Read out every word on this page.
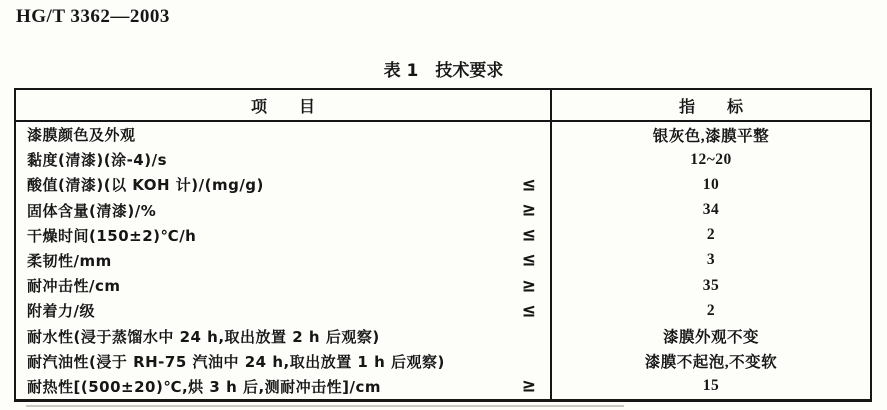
HG/T 3362—2003
表 1　技术要求
项　　目	指　　标
漆膜颜色及外观	银灰色,漆膜平整
黏度(清漆)(涂-4)/s	12~20
酸值(清漆)(以 KOH 计)/(mg/g)	≤	10
固体含量(清漆)/%	≥	34
干燥时间(150±2)℃/h	≤	2
柔韧性/mm	≤	3
耐冲击性/cm	≥	35
附着力/级	≤	2
耐水性(浸于蒸馏水中 24 h,取出放置 2 h 后观察)	漆膜外观不变
耐汽油性(浸于 RH-75 汽油中 24 h,取出放置 1 h 后观察)	漆膜不起泡,不变软
耐热性[(500±20)℃,烘 3 h 后,测耐冲击性]/cm	≥	15
